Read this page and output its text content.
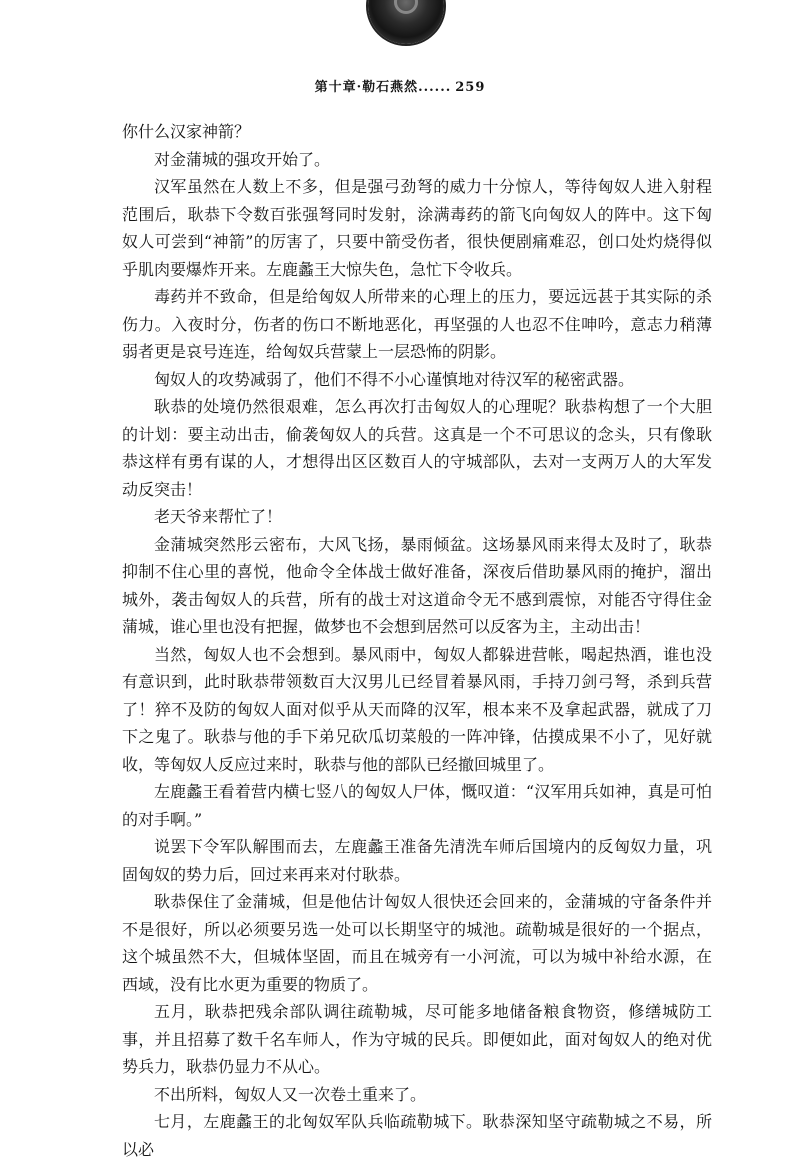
第十章·勒石燕然...... 259

你什么汉家神箭？

对金蒲城的强攻开始了。

汉军虽然在人数上不多，但是强弓劲弩的威力十分惊人，等待匈奴人进入射程范围后，耿恭下令数百张强弩同时发射，涂满毒药的箭飞向匈奴人的阵中。这下匈奴人可尝到“神箭”的厉害了，只要中箭受伤者，很快便剧痛难忍，创口处灼烧得似乎肌肉要爆炸开来。左鹿蠡王大惊失色，急忙下令收兵。

毒药并不致命，但是给匈奴人所带来的心理上的压力，要远远甚于其实际的杀伤力。入夜时分，伤者的伤口不断地恶化，再坚强的人也忍不住呻吟，意志力稍薄弱者更是哀号连连，给匈奴兵营蒙上一层恐怖的阴影。

匈奴人的攻势减弱了，他们不得不小心谨慎地对待汉军的秘密武器。

耿恭的处境仍然很艰难，怎么再次打击匈奴人的心理呢？耿恭构想了一个大胆的计划：要主动出击，偷袭匈奴人的兵营。这真是一个不可思议的念头，只有像耿恭这样有勇有谋的人，才想得出区区数百人的守城部队，去对一支两万人的大军发动反突击！

老天爷来帮忙了！

金蒲城突然彤云密布，大风飞扬，暴雨倾盆。这场暴风雨来得太及时了，耿恭抑制不住心里的喜悦，他命令全体战士做好准备，深夜后借助暴风雨的掩护，溜出城外，袭击匈奴人的兵营，所有的战士对这道命令无不感到震惊，对能否守得住金蒲城，谁心里也没有把握，做梦也不会想到居然可以反客为主，主动出击！

当然，匈奴人也不会想到。暴风雨中，匈奴人都躲进营帐，喝起热酒，谁也没有意识到，此时耿恭带领数百大汉男儿已经冒着暴风雨，手持刀剑弓弩，杀到兵营了！猝不及防的匈奴人面对似乎从天而降的汉军，根本来不及拿起武器，就成了刀下之鬼了。耿恭与他的手下弟兄砍瓜切菜般的一阵冲锋，估摸成果不小了，见好就收，等匈奴人反应过来时，耿恭与他的部队已经撤回城里了。

左鹿蠡王看着营内横七竖八的匈奴人尸体，慨叹道：“汉军用兵如神，真是可怕的对手啊。”

说罢下令军队解围而去，左鹿蠡王准备先清洗车师后国境内的反匈奴力量，巩固匈奴的势力后，回过来再来对付耿恭。

耿恭保住了金蒲城，但是他估计匈奴人很快还会回来的，金蒲城的守备条件并不是很好，所以必须要另选一处可以长期坚守的城池。疏勒城是很好的一个据点，这个城虽然不大，但城体坚固，而且在城旁有一小河流，可以为城中补给水源，在西域，没有比水更为重要的物质了。

五月，耿恭把残余部队调往疏勒城，尽可能多地储备粮食物资，修缮城防工事，并且招募了数千名车师人，作为守城的民兵。即便如此，面对匈奴人的绝对优势兵力，耿恭仍显力不从心。

不出所料，匈奴人又一次卷土重来了。

七月，左鹿蠡王的北匈奴军队兵临疏勒城下。耿恭深知坚守疏勒城之不易，所以必
